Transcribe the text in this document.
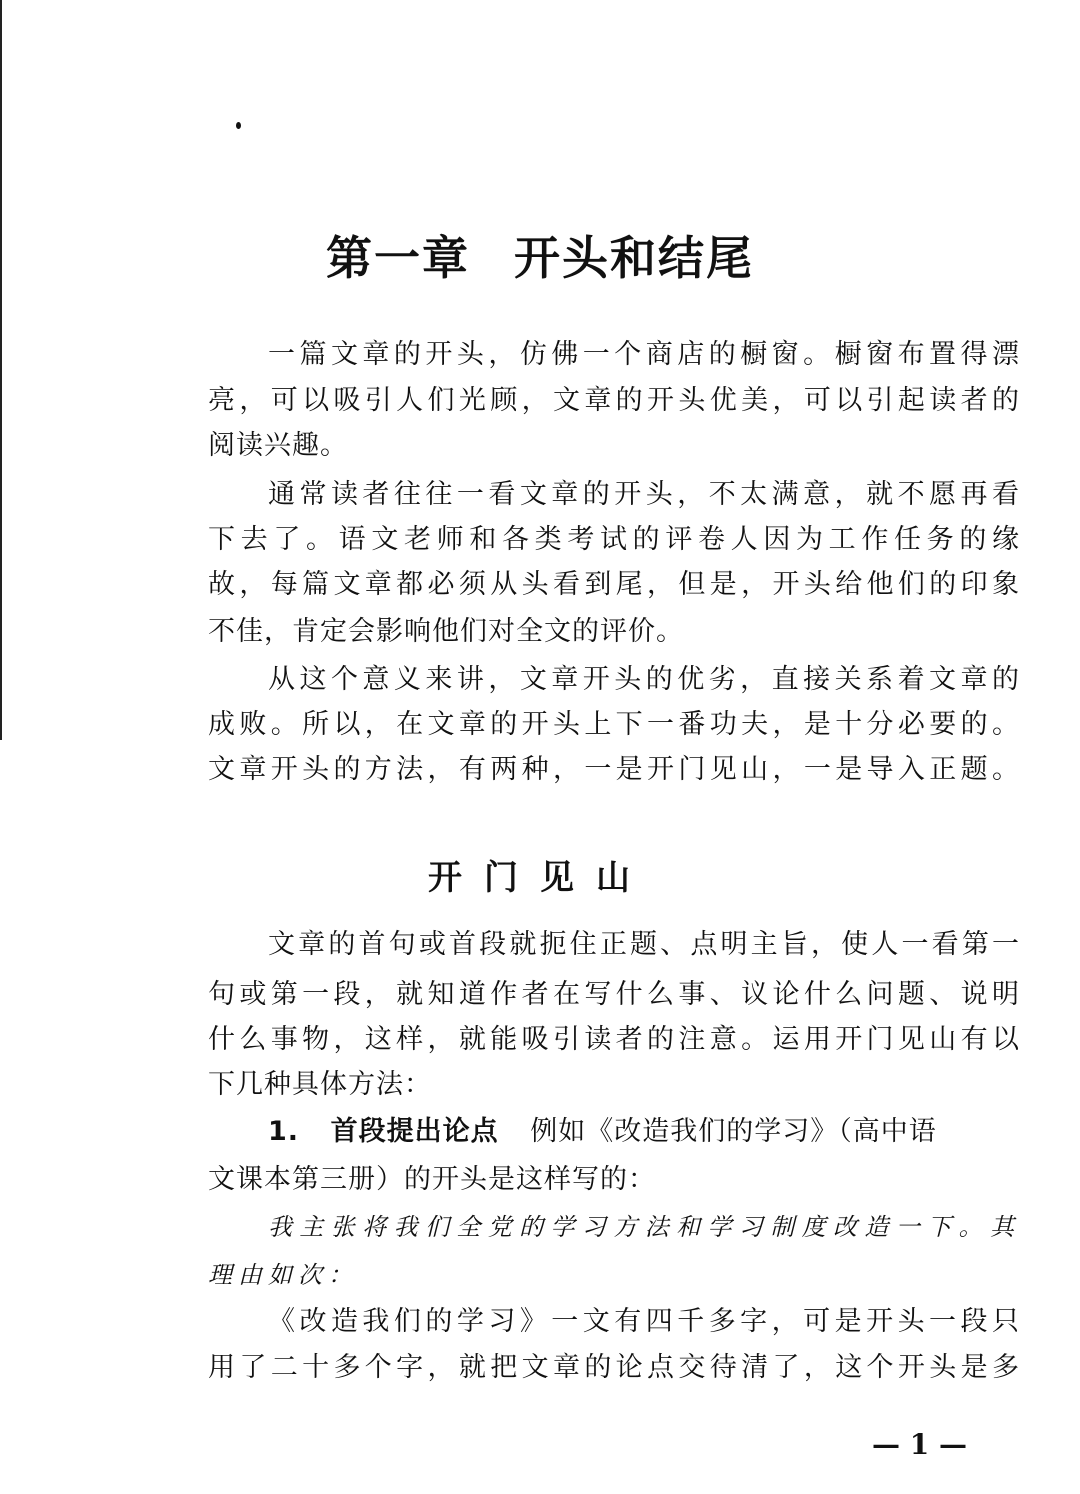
第一章 开头和结尾
一篇文章的开头，仿佛一个商店的橱窗。橱窗布置得漂
亮，可以吸引人们光顾，文章的开头优美，可以引起读者的
阅读兴趣。
通常读者往往一看文章的开头，不太满意，就不愿再看
下去了。语文老师和各类考试的评卷人因为工作任务的缘
故，每篇文章都必须从头看到尾，但是，开头给他们的印象
不佳，肯定会影响他们对全文的评价。
从这个意义来讲，文章开头的优劣，直接关系着文章的
成败。所以，在文章的开头上下一番功夫，是十分必要的。
文章开头的方法，有两种，一是开门见山，一是导入正题。
开门见山
文章的首句或首段就扼住正题、点明主旨，使人一看第一
句或第一段，就知道作者在写什么事、议论什么问题、说明
什么事物，这样，就能吸引读者的注意。运用开门见山有以
下几种具体方法：
1. 首段提出论点 例如《改造我们的学习》（高中语
文课本第三册）的开头是这样写的：
我主张将我们全党的学习方法和学习制度改造一下。其
理由如次：
《改造我们的学习》一文有四千多字，可是开头一段只
用了二十多个字，就把文章的论点交待清了，这个开头是多
— 1 —
